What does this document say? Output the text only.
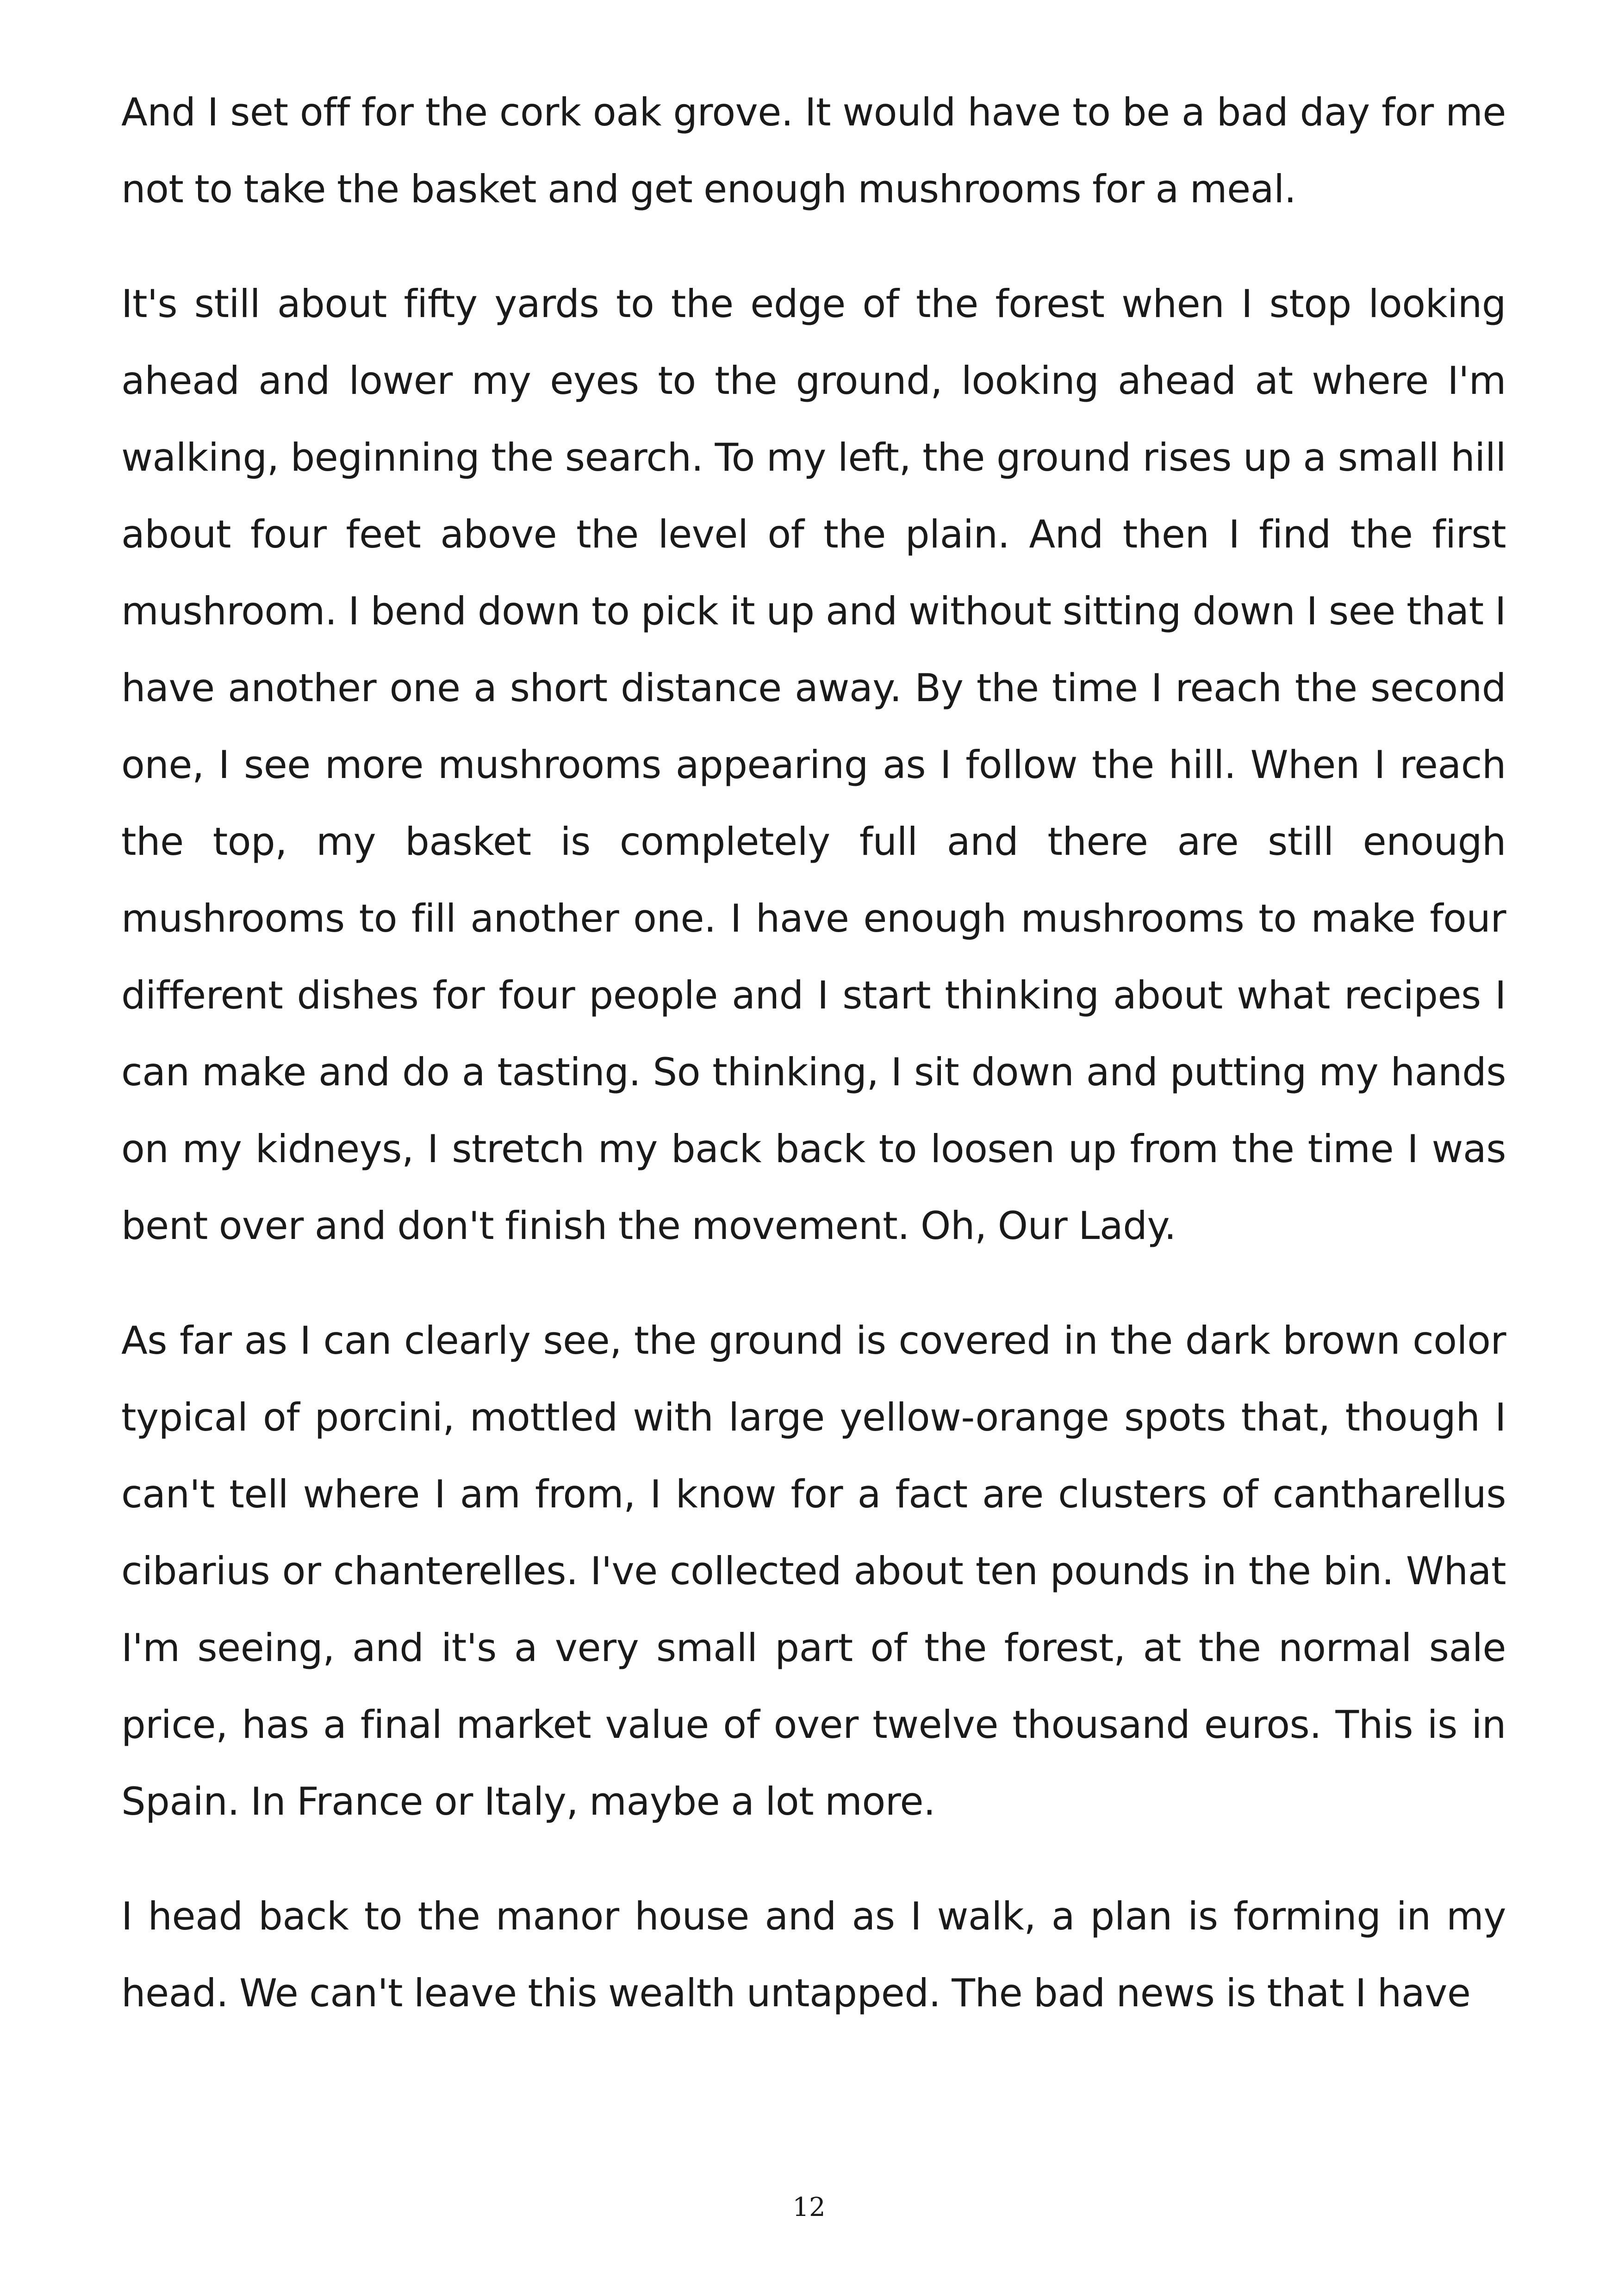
And I set off for the cork oak grove. It would have to be a bad day for me not to take the basket and get enough mushrooms for a meal.

It's still about fifty yards to the edge of the forest when I stop looking ahead and lower my eyes to the ground, looking ahead at where I'm walking, beginning the search. To my left, the ground rises up a small hill about four feet above the level of the plain. And then I find the first mushroom. I bend down to pick it up and without sitting down I see that I have another one a short distance away. By the time I reach the second one, I see more mushrooms appearing as I follow the hill. When I reach the top, my basket is completely full and there are still enough mushrooms to fill another one. I have enough mushrooms to make four different dishes for four people and I start thinking about what recipes I can make and do a tasting. So thinking, I sit down and putting my hands on my kidneys, I stretch my back back to loosen up from the time I was bent over and don't finish the movement. Oh, Our Lady.

As far as I can clearly see, the ground is covered in the dark brown color typical of porcini, mottled with large yellow-orange spots that, though I can't tell where I am from, I know for a fact are clusters of cantharellus cibarius or chanterelles. I've collected about ten pounds in the bin. What I'm seeing, and it's a very small part of the forest, at the normal sale price, has a final market value of over twelve thousand euros. This is in Spain. In France or Italy, maybe a lot more.

I head back to the manor house and as I walk, a plan is forming in my head. We can't leave this wealth untapped. The bad news is that I have

12
